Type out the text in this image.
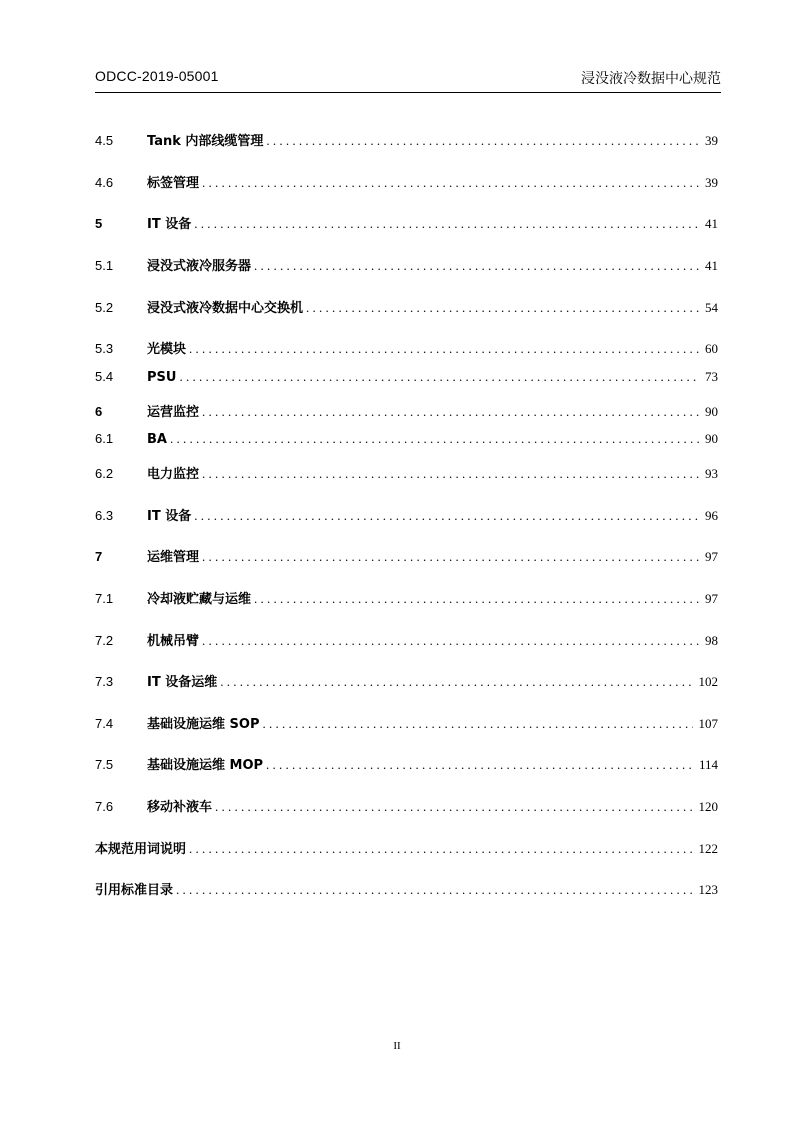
ODCC-2019-05001	浸没液冷数据中心规范
4.5	Tank 内部线缆管理 . . .	39
4.6	标签管理 . . .	39
5	IT 设备 . . .	41
5.1	浸没式液冷服务器 . . .	41
5.2	浸没式液冷数据中心交换机 . . .	54
5.3	光模块 . . .	60
5.4	PSU . . .	73
6	运营监控 . . .	90
6.1	BA . . .	90
6.2	电力监控 . . .	93
6.3	IT 设备 . . .	96
7	运维管理 . . .	97
7.1	冷却液贮藏与运维 . . .	97
7.2	机械吊臂 . . .	98
7.3	IT 设备运维 . . .	102
7.4	基础设施运维 SOP . . .	107
7.5	基础设施运维 MOP . . .	114
7.6	移动补液车 . . .	120
本规范用词说明 . . .	122
引用标准目录 . . .	123
II
